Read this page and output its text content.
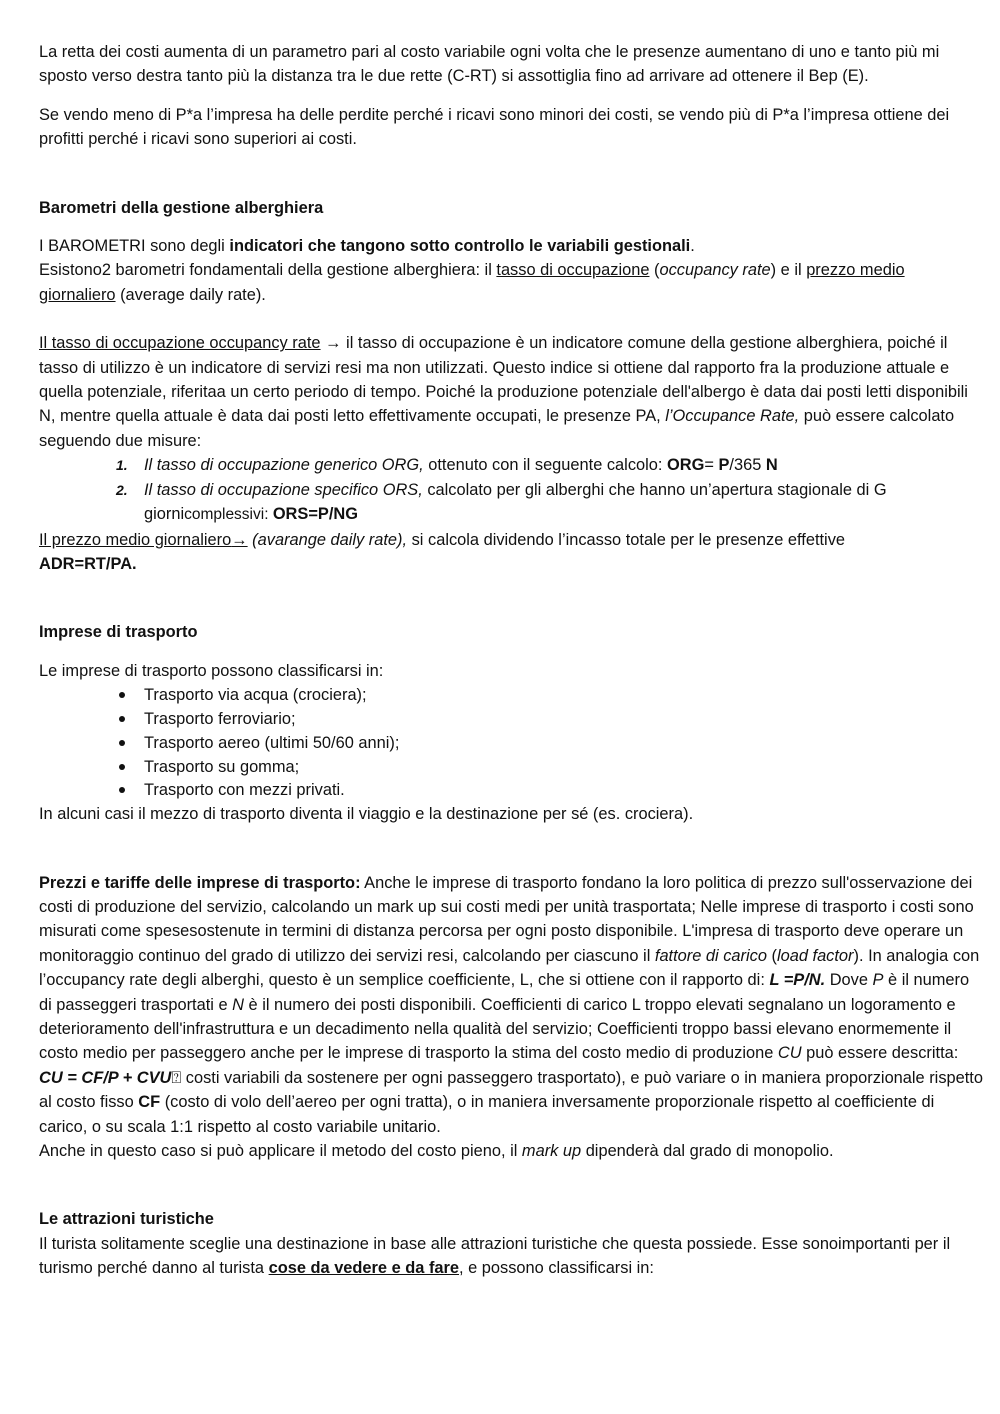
La retta dei costi aumenta di un parametro pari al costo variabile ogni volta che le presenze aumentano di uno e tanto più mi sposto verso destra tanto più la distanza tra le due rette (C-RT) si assottiglia fino ad arrivare ad ottenere il Bep (E).

Se vendo meno di P*a l’impresa ha delle perdite perché i ricavi sono minori dei costi, se vendo più di P*a l’impresa ottiene dei profitti perché i ricavi sono superiori ai costi.

Barometri della gestione alberghiera

I BAROMETRI sono degli indicatori che tangono sotto controllo le variabili gestionali.

Esistono2 barometri fondamentali della gestione alberghiera: il tasso di occupazione (occupancy rate) e il prezzo medio giornaliero (average daily rate).

Il tasso di occupazione occupancy rate → il tasso di occupazione è un indicatore comune della gestione alberghiera, poiché il tasso di utilizzo è un indicatore di servizi resi ma non utilizzati. Questo indice si ottiene dal rapporto fra la produzione attuale e quella potenziale, riferitaa un certo periodo di tempo. Poiché la produzione potenziale dell'albergo è data dai posti letti disponibili N, mentre quella attuale è data dai posti letto effettivamente occupati, le presenze PA, l’Occupance Rate, può essere calcolato seguendo due misure:

1. Il tasso di occupazione generico ORG, ottenuto con il seguente calcolo: ORG= P/365 N
2. Il tasso di occupazione specifico ORS, calcolato per gli alberghi che hanno un’apertura stagionale di G giornicomplessivi: ORS=P/NG

Il prezzo medio giornaliero→ (avarange daily rate), si calcola dividendo l’incasso totale per le presenze effettive

ADR=RT/PA.

Imprese di trasporto

Le imprese di trasporto possono classificarsi in:

Trasporto via acqua (crociera);
Trasporto ferroviario;
Trasporto aereo (ultimi 50/60 anni);
Trasporto su gomma;
Trasporto con mezzi privati.

In alcuni casi il mezzo di trasporto diventa il viaggio e la destinazione per sé (es. crociera).

Prezzi e tariffe delle imprese di trasporto: Anche le imprese di trasporto fondano la loro politica di prezzo sull'osservazione dei costi di produzione del servizio, calcolando un mark up sui costi medi per unità trasportata; Nelle imprese di trasporto i costi sono misurati come spesesostenute in termini di distanza percorsa per ogni posto disponibile. L'impresa di trasporto deve operare un monitoraggio continuo del grado di utilizzo dei servizi resi, calcolando per ciascuno il fattore di carico (load factor). In analogia con l’occupancy rate degli alberghi, questo è un semplice coefficiente, L, che si ottiene con il rapporto di: L =P/N. Dove P è il numero di passeggeri trasportati e N è il numero dei posti disponibili. Coefficienti di carico L troppo elevati segnalano un logoramento e deterioramento dell'infrastruttura e un decadimento nella qualità del servizio; Coefficienti troppo bassi elevano enormemente il costo medio per passeggero anche per le imprese di trasporto la stima del costo medio di produzione CU può essere descritta: CU = CF/P + CVU⍰ costi variabili da sostenere per ogni passeggero trasportato), e può variare o in maniera proporzionale rispetto al costo fisso CF (costo di volo dell’aereo per ogni tratta), o in maniera inversamente proporzionale rispetto al coefficiente di carico, o su scala 1:1 rispetto al costo variabile unitario.

Anche in questo caso si può applicare il metodo del costo pieno, il mark up dipenderà dal grado di monopolio.

Le attrazioni turistiche

Il turista solitamente sceglie una destinazione in base alle attrazioni turistiche che questa possiede. Esse sonoimportanti per il turismo perché danno al turista cose da vedere e da fare, e possono classificarsi in:
